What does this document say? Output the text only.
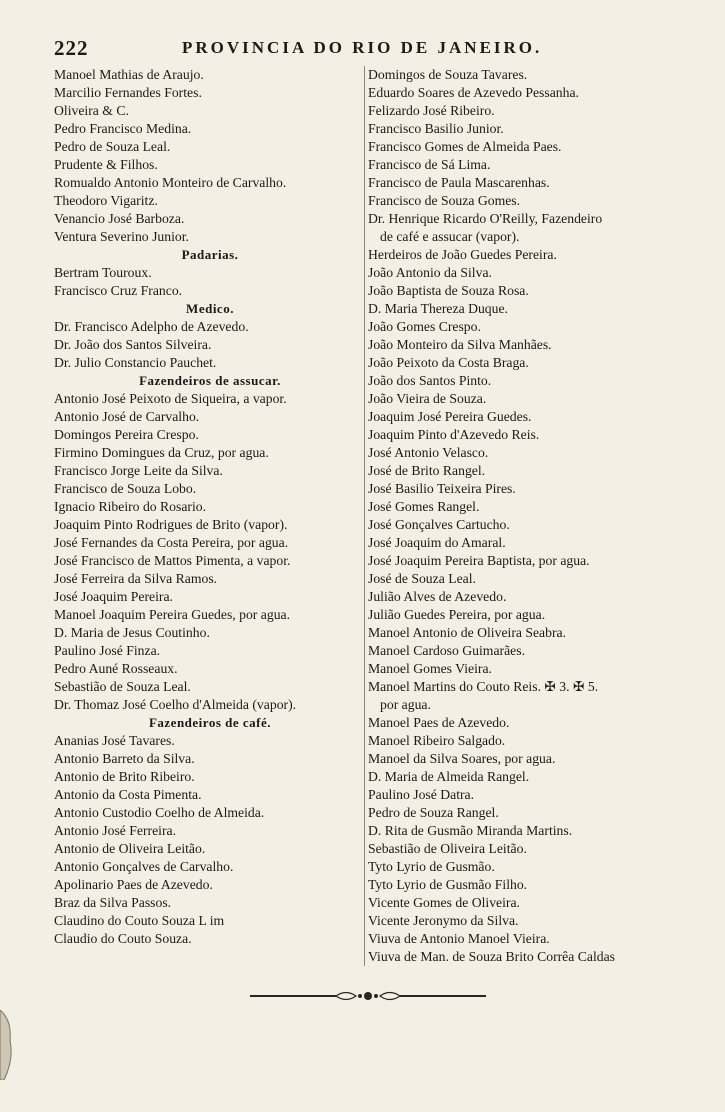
222	PROVINCIA DO RIO DE JANEIRO.
Manoel Mathias de Araujo.
Marcilio Fernandes Fortes.
Oliveira & C.
Pedro Francisco Medina.
Pedro de Souza Leal.
Prudente & Filhos.
Romualdo Antonio Monteiro de Carvalho.
Theodoro Vigaritz.
Venancio José Barboza.
Ventura Severino Junior.
Padarias.
Bertram Touroux.
Francisco Cruz Franco.
Medico.
Dr. Francisco Adelpho de Azevedo.
Dr. João dos Santos Silveira.
Dr. Julio Constancio Pauchet.
Fazendeiros de assucar.
Antonio José Peixoto de Siqueira, a vapor.
Antonio José de Carvalho.
Domingos Pereira Crespo.
Firmino Domingues da Cruz, por agua.
Francisco Jorge Leite da Silva.
Francisco de Souza Lobo.
Ignacio Ribeiro do Rosario.
Joaquim Pinto Rodrigues de Brito (vapor).
José Fernandes da Costa Pereira, por agua.
José Francisco de Mattos Pimenta, a vapor.
José Ferreira da Silva Ramos.
José Joaquim Pereira.
Manoel Joaquim Pereira Guedes, por agua.
D. Maria de Jesus Coutinho.
Paulino José Finza.
Pedro Auné Rosseaux.
Sebastião de Souza Leal.
Dr. Thomaz José Coelho d'Almeida (vapor).
Fazendeiros de café.
Ananias José Tavares.
Antonio Barreto da Silva.
Antonio de Brito Ribeiro.
Antonio da Costa Pimenta.
Antonio Custodio Coelho de Almeida.
Antonio José Ferreira.
Antonio de Oliveira Leitão.
Antonio Gonçalves de Carvalho.
Apolinario Paes de Azevedo.
Braz da Silva Passos.
Claudino do Couto Souza L im
Claudio do Couto Souza.
Domingos de Souza Tavares.
Eduardo Soares de Azevedo Pessanha.
Felizardo José Ribeiro.
Francisco Basilio Junior.
Francisco Gomes de Almeida Paes.
Francisco de Sá Lima.
Francisco de Paula Mascarenhas.
Francisco de Souza Gomes.
Dr. Henrique Ricardo O'Reilly, Fazendeiro
de café e assucar (vapor).
Herdeiros de João Guedes Pereira.
João Antonio da Silva.
João Baptista de Souza Rosa.
D. Maria Thereza Duque.
João Gomes Crespo.
João Monteiro da Silva Manhães.
João Peixoto da Costa Braga.
João dos Santos Pinto.
João Vieira de Souza.
Joaquim José Pereira Guedes.
Joaquim Pinto d'Azevedo Reis.
José Antonio Velasco.
José de Brito Rangel.
José Basilio Teixeira Pires.
José Gomes Rangel.
José Gonçalves Cartucho.
José Joaquim do Amaral.
José Joaquim Pereira Baptista, por agua.
José de Souza Leal.
Julião Alves de Azevedo.
Julião Guedes Pereira, por agua.
Manoel Antonio de Oliveira Seabra.
Manoel Cardoso Guimarães.
Manoel Gomes Vieira.
Manoel Martins do Couto Reis. ✠ 3. ✠ 5.
por agua.
Manoel Paes de Azevedo.
Manoel Ribeiro Salgado.
Manoel da Silva Soares, por agua.
D. Maria de Almeida Rangel.
Paulino José Datra.
Pedro de Souza Rangel.
D. Rita de Gusmão Miranda Martins.
Sebastião de Oliveira Leitão.
Tyto Lyrio de Gusmão.
Tyto Lyrio de Gusmão Filho.
Vicente Gomes de Oliveira.
Vicente Jeronymo da Silva.
Viuva de Antonio Manoel Vieira.
Viuva de Man. de Souza Brito Corrêa Caldas
